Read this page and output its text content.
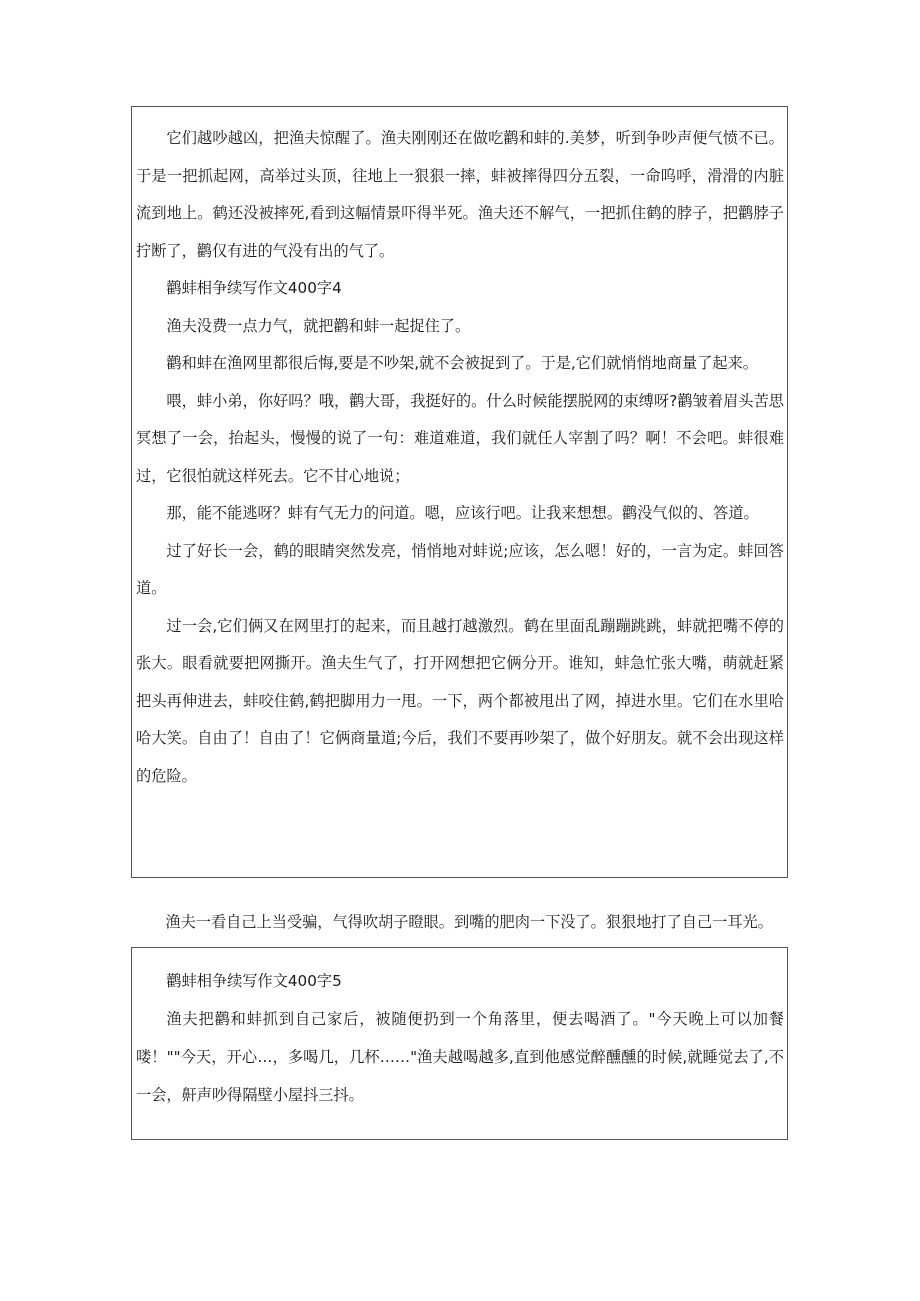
它们越吵越凶，把渔夫惊醒了。渔夫刚刚还在做吃鹳和蚌的.美梦，听到争吵声便气愤不已。于是一把抓起网，高举过头顶，往地上一狠狠一摔，蚌被摔得四分五裂，一命呜呼，滑滑的内脏流到地上。鹤还没被摔死,看到这幅情景吓得半死。渔夫还不解气，一把抓住鹤的脖子，把鹳脖子拧断了，鹳仅有进的气没有出的气了。

鹳蚌相争续写作文400字4

渔夫没费一点力气，就把鹳和蚌一起捉住了。

鹳和蚌在渔网里都很后悔,要是不吵架,就不会被捉到了。于是,它们就悄悄地商量了起来。

喂，蚌小弟，你好吗？哦，鹳大哥，我挺好的。什么时候能摆脱网的束缚呀?鹳皱着眉头苦思冥想了一会，抬起头，慢慢的说了一句：难道难道，我们就任人宰割了吗？啊！不会吧。蚌很难过，它很怕就这样死去。它不甘心地说；

那，能不能逃呀？蚌有气无力的问道。嗯，应该行吧。让我来想想。鹳没气似的、答道。

过了好长一会，鹤的眼睛突然发亮，悄悄地对蚌说;应该，怎么嗯！好的，一言为定。蚌回答道。

过一会,它们俩又在网里打的起来，而且越打越激烈。鹤在里面乱蹦蹦跳跳，蚌就把嘴不停的张大。眼看就要把网撕开。渔夫生气了，打开网想把它俩分开。谁知，蚌急忙张大嘴，萌就赶紧把头再伸进去，蚌咬住鹤,鹤把脚用力一甩。一下，两个都被甩出了网，掉进水里。它们在水里哈哈大笑。自由了！自由了！它俩商量道;今后，我们不要再吵架了，做个好朋友。就不会出现这样的危险。

渔夫一看自己上当受骗，气得吹胡子瞪眼。到嘴的肥肉一下没了。狠狠地打了自己一耳光。

鹳蚌相争续写作文400字5

渔夫把鹳和蚌抓到自己家后，被随便扔到一个角落里，便去喝酒了。"今天晚上可以加餐喽！""今天，开心…，多喝几，几杯……"渔夫越喝越多,直到他感觉醉醺醺的时候,就睡觉去了,不一会，鼾声吵得隔壁小屋抖三抖。
